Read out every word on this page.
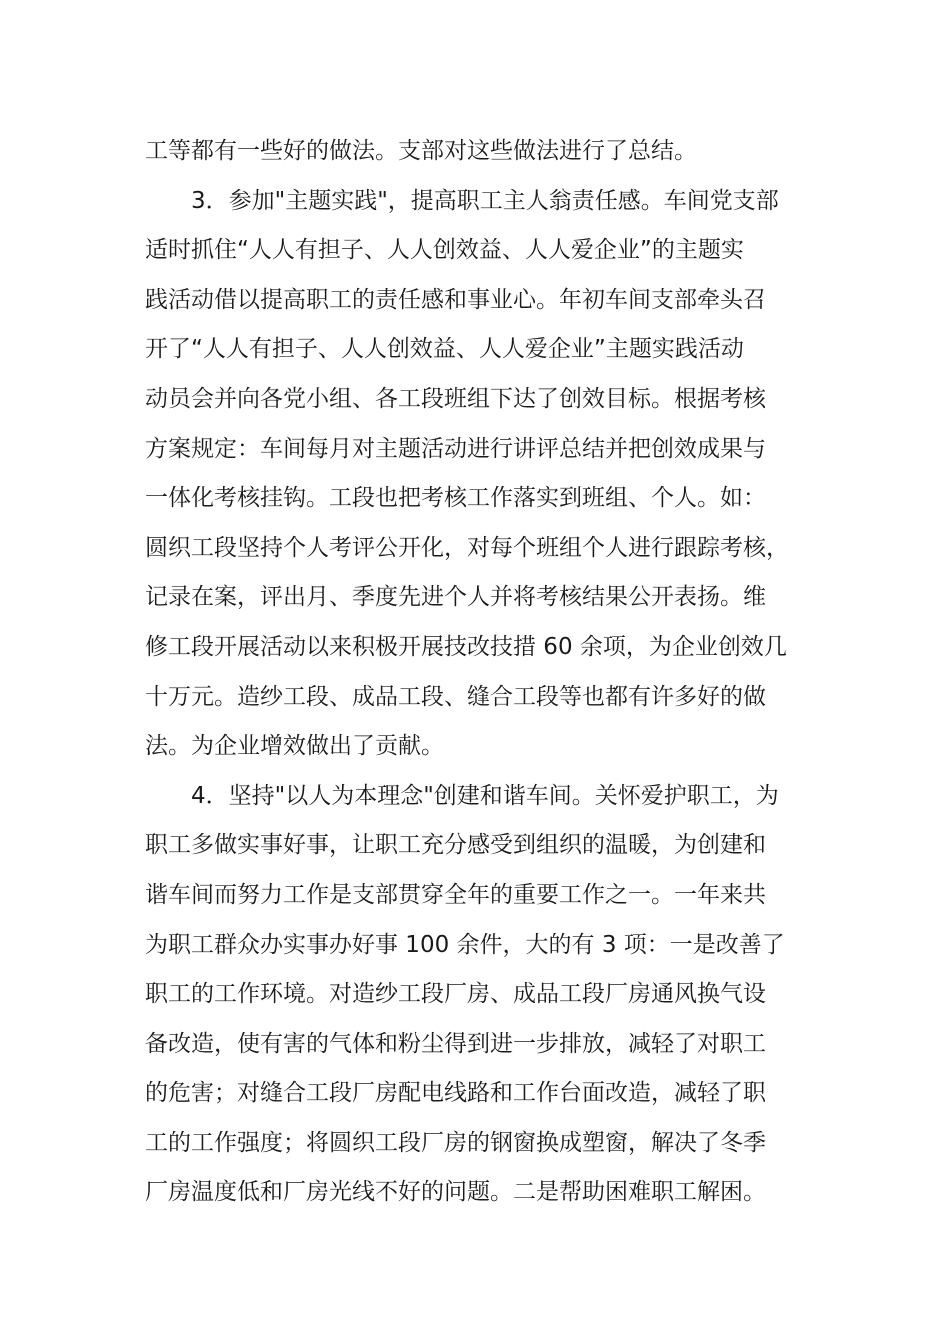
工等都有一些好的做法。支部对这些做法进行了总结。
3．参加"主题实践"，提高职工主人翁责任感。车间党支部
适时抓住“人人有担子、人人创效益、人人爱企业”的主题实
践活动借以提高职工的责任感和事业心。年初车间支部牵头召
开了“人人有担子、人人创效益、人人爱企业”主题实践活动
动员会并向各党小组、各工段班组下达了创效目标。根据考核
方案规定：车间每月对主题活动进行讲评总结并把创效成果与
一体化考核挂钩。工段也把考核工作落实到班组、个人。如：
圆织工段坚持个人考评公开化，对每个班组个人进行跟踪考核，
记录在案，评出月、季度先进个人并将考核结果公开表扬。维
修工段开展活动以来积极开展技改技措 60 余项，为企业创效几
十万元。造纱工段、成品工段、缝合工段等也都有许多好的做
法。为企业增效做出了贡献。
4．坚持"以人为本理念"创建和谐车间。关怀爱护职工，为
职工多做实事好事，让职工充分感受到组织的温暖，为创建和
谐车间而努力工作是支部贯穿全年的重要工作之一。一年来共
为职工群众办实事办好事 100 余件，大的有 3 项：一是改善了
职工的工作环境。对造纱工段厂房、成品工段厂房通风换气设
备改造，使有害的气体和粉尘得到进一步排放，减轻了对职工
的危害；对缝合工段厂房配电线路和工作台面改造，减轻了职
工的工作强度；将圆织工段厂房的钢窗换成塑窗，解决了冬季
厂房温度低和厂房光线不好的问题。二是帮助困难职工解困。
